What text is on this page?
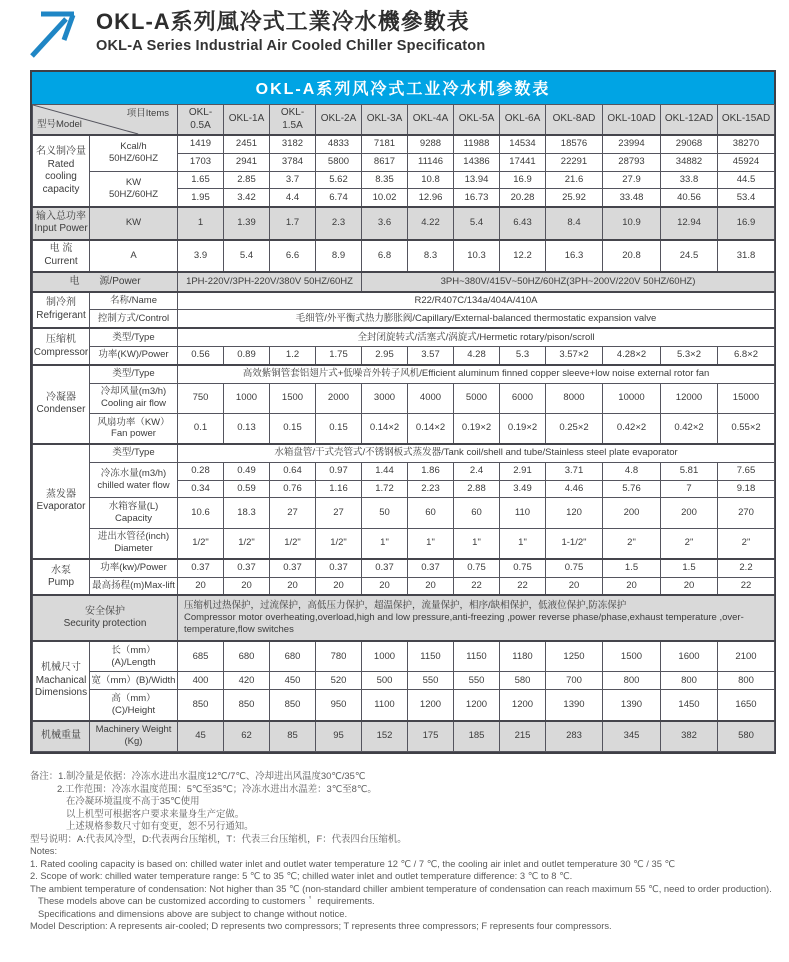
OKL-A系列風冷式工業冷水機參數表
OKL-A Series Industrial Air Cooled Chiller Specificaton
OKL-A系列风冷式工业冷水机参数表
型号Model
项目Items		OKL-0.5A	OKL-1A	OKL-1.5A	OKL-2A	OKL-3A	OKL-4A	OKL-5A	OKL-6A	OKL-8AD	OKL-10AD	OKL-12AD	OKL-15AD
名义制冷量
Rated
cooling
capacity	Kcal/h
50HZ/60HZ	1419	2451	3182	4833	7181	9288	11988	14534	18576	23994	29068	38270
		1703	2941	3784	5800	8617	11146	14386	17441	22291	28793	34882	45924
	KW
50HZ/60HZ	1.65	2.85	3.7	5.62	8.35	10.8	13.94	16.9	21.6	27.9	33.8	44.5
		1.95	3.42	4.4	6.74	10.02	12.96	16.73	20.28	25.92	33.48	40.56	53.4
输入总功率
Input Power	KW	1	1.39	1.7	2.3	3.6	4.22	5.4	6.43	8.4	10.9	12.94	16.9
电 流
Current	A	3.9	5.4	6.6	8.9	6.8	8.3	10.3	12.2	16.3	20.8	24.5	31.8
电　　源/Power		1PH-220V/3PH-220V/380V 50HZ/60HZ				3PH~380V/415V~50HZ/60HZ(3PH~200V/220V 50HZ/60HZ)							
制冷剂
Refrigerant	名称/Name	R22/R407C/134a/404A/410A											
	控制方式/Control	毛细管/外平衡式热力膨胀阀/Capillary/External-balanced thermostatic expansion valve											
压缩机
Compressor	类型/Type	全封闭旋转式/活塞式/涡旋式/Hermetic rotary/pison/scroll											
	功率(KW)/Power	0.56	0.89	1.2	1.75	2.95	3.57	4.28	5.3	3.57×2	4.28×2	5.3×2	6.8×2
冷凝器
Condenser	类型/Type	高效紫铜管套铝翅片式+低噪音外转子风机/Efficient aluminum finned copper sleeve+low noise external rotor fan											
	冷却风量(m3/h)
Cooling air flow	750	1000	1500	2000	3000	4000	5000	6000	8000	10000	12000	15000
	风扇功率（KW）
Fan power	0.1	0.13	0.15	0.15	0.14×2	0.14×2	0.19×2	0.19×2	0.25×2	0.42×2	0.42×2	0.55×2
蒸发器
Evaporator	类型/Type	水箱盘管/干式壳管式/不锈钢板式蒸发器/Tank coil/shell and tube/Stainless steel plate evaporator											
	冷冻水量(m3/h)
chilled water flow	0.28	0.49	0.64	0.97	1.44	1.86	2.4	2.91	3.71	4.8	5.81	7.65
		0.34	0.59	0.76	1.16	1.72	2.23	2.88	3.49	4.46	5.76	7	9.18
	水箱容量(L)
Capacity	10.6	18.3	27	27	50	60	60	110	120	200	200	270
	进出水管径(inch)
Diameter	1/2"	1/2"	1/2"	1/2"	1"	1"	1"	1"	1-1/2"	2"	2"	2"
水泵
Pump	功率(kw)/Power	0.37	0.37	0.37	0.37	0.37	0.37	0.75	0.75	0.75	1.5	1.5	2.2
	最高扬程(m)Max-lift	20	20	20	20	20	20	22	22	20	20	20	22
安全保护
Security protection		压缩机过热保护，过流保护，高低压力保护，超温保护，流量保护，相序/缺相保护，低液位保护,防冻保护
Compressor motor overheating,overload,high and low pressure,anti-freezing ,power reverse phase/phase,exhaust temperature ,over-temperature,flow switches											
机械尺寸
Machanical
Dimensions	长（mm）(A)/Length	685	680	680	780	1000	1150	1150	1180	1250	1500	1600	2100
	宽（mm）(B)/Width	400	420	450	520	500	550	550	580	700	800	800	800
	高（mm）(C)/Height	850	850	850	950	1100	1200	1200	1200	1390	1390	1450	1650
机械重量	Machinery Weight
(Kg)	45	62	85	95	152	175	185	215	283	345	382	580
备注：1.制冷量是依据：冷冻水进出水温度12℃/7℃、冷却进出风温度30℃/35℃
2.工作范围：冷冻水温度范围：5℃至35℃；冷冻水进出水温差：3℃至8℃。
在冷凝环境温度不高于35℃使用
以上机型可根据客户要求来量身生产定做。
上述规格参数尺寸如有变更，恕不另行通知。
型号说明：A:代表风冷型，D:代表两台压缩机，T：代表三台压缩机，F：代表四台压缩机。
Notes:
1. Rated cooling capacity is based on: chilled water inlet and outlet water temperature 12 ℃ / 7 ℃, the cooling air inlet and outlet temperature 30 ℃ / 35 ℃
2. Scope of work: chilled water temperature range: 5 ℃ to 35 ℃; chilled water inlet and outlet temperature difference: 3 ℃ to 8 ℃.
The ambient temperature of condensation: Not higher than 35 ℃ (non-standard chiller ambient temperature of condensation can reach maximum 55 ℃, need to order production).
These models above can be customized according to customers＇ requirements.
Specifications and dimensions above are subject to change without notice.
Model Description: A represents air-cooled; D represents two compressors; T represents three compressors; F represents four compressors.
